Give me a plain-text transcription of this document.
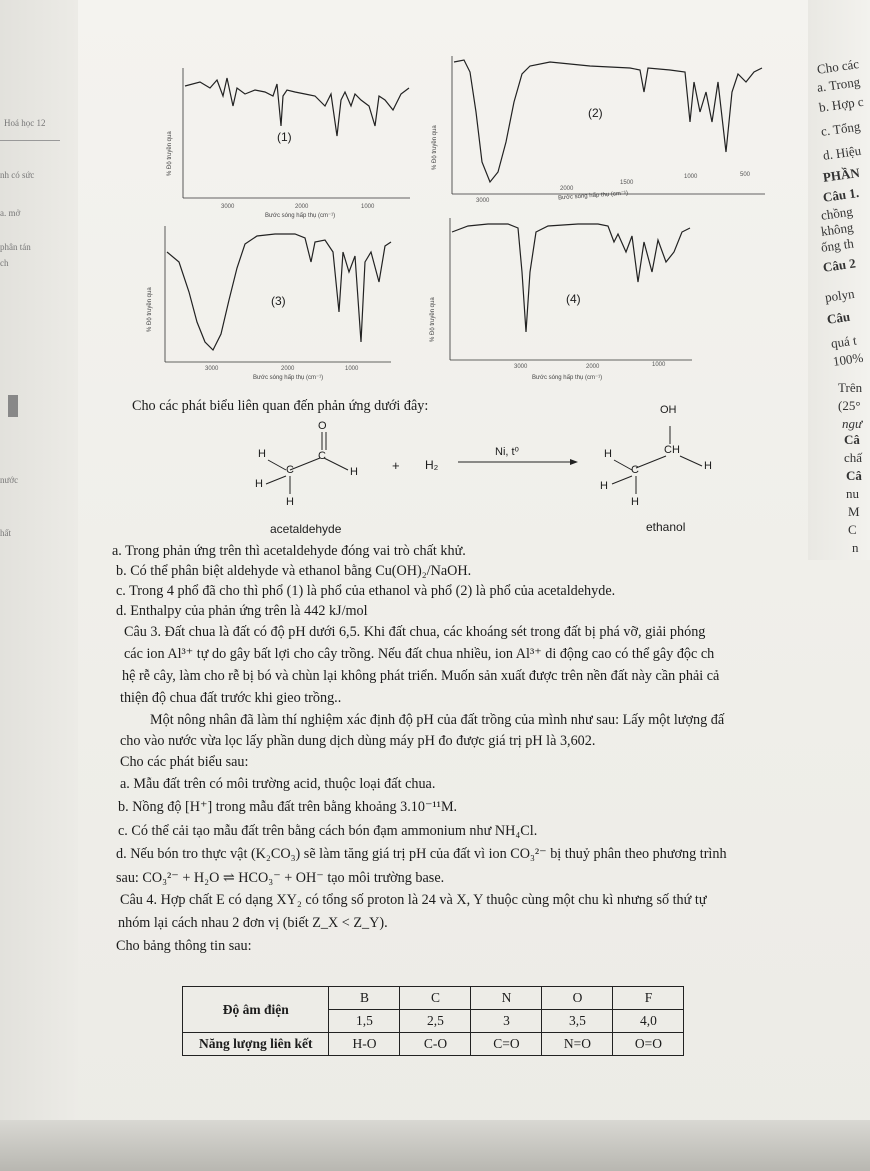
Hoá học 12
nh có sức
a. mở
phân tán
ch
nước
hất
Cho các
a. Trong
b. Hợp c
c. Tổng
d. Hiệu
PHẦN
Câu 1.
chồng
không
ống th
Câu 2
polyn
Câu
quá t
100%
Trên
(25°
ngư
Câ
chấ
Câ
nu
M
C
n
(1)
3000	2000	1000
Bước sóng hấp thụ (cm⁻¹)
% Độ truyền qua
(2)
3000
2000
1500
1000	500
Bước sóng hấp thụ (cm⁻¹)
% Độ truyền qua
(3)
3000	2000	1000
Bước sóng hấp thụ (cm⁻¹)
% Độ truyền qua	(4)
3000	2000	1000
Bước sóng hấp thụ (cm⁻¹)
% Độ truyền qua
Cho các phát biểu liên quan đến phản ứng dưới đây:
O
H
C
C
H
H
H
+ H₂
Ni, t⁰
OH
CH
H
C	H
H
H
acetaldehyde	ethanol
a. Trong phản ứng trên thì acetaldehyde đóng vai trò chất khử.
b. Có thể phân biệt aldehyde và ethanol bằng Cu(OH)₂/NaOH.
c. Trong 4 phổ đã cho thì phổ (1) là phổ của ethanol và phổ (2) là phổ của acetaldehyde.
d. Enthalpy của phản ứng trên là 442 kJ/mol
Câu 3. Đất chua là đất có độ pH dưới 6,5. Khi đất chua, các khoáng sét trong đất bị phá vỡ, giải phóng
các ion Al³⁺ tự do gây bất lợi cho cây trồng. Nếu đất chua nhiều, ion Al³⁺ di động cao có thể gây độc ch
hệ rễ cây, làm cho rễ bị bó và chùn lại không phát triển. Muốn sản xuất được trên nền đất này cần phải cả
thiện độ chua đất trước khi gieo trồng..
Một nông nhân đã làm thí nghiệm xác định độ pH của đất trồng của mình như sau: Lấy một lượng đấ
cho vào nước vừa lọc lấy phần dung dịch dùng máy pH đo được giá trị pH là 3,602.
Cho các phát biểu sau:
a. Mẫu đất trên có môi trường acid, thuộc loại đất chua.
b. Nồng độ [H⁺] trong mẫu đất trên bằng khoảng 3.10⁻¹¹M.
c. Có thể cải tạo mẫu đất trên bằng cách bón đạm ammonium như NH₄Cl.
d. Nếu bón tro thực vật (K₂CO₃) sẽ làm tăng giá trị pH của đất vì ion CO₃²⁻ bị thuỷ phân theo phương trình
sau: CO₃²⁻ + H₂O ⇌ HCO₃⁻ + OH⁻ tạo môi trường base.
Câu 4. Hợp chất E có dạng XY₂ có tổng số proton là 24 và X, Y thuộc cùng một chu kì nhưng số thứ tự
nhóm lại cách nhau 2 đơn vị (biết Z_X < Z_Y).
Cho bảng thông tin sau:
Độ âm điện	B	C	N	O	F
	1,5	2,5	3	3,5	4,0
Năng lượng liên kết	H-O	C-O	C=O	N=O	O=O
